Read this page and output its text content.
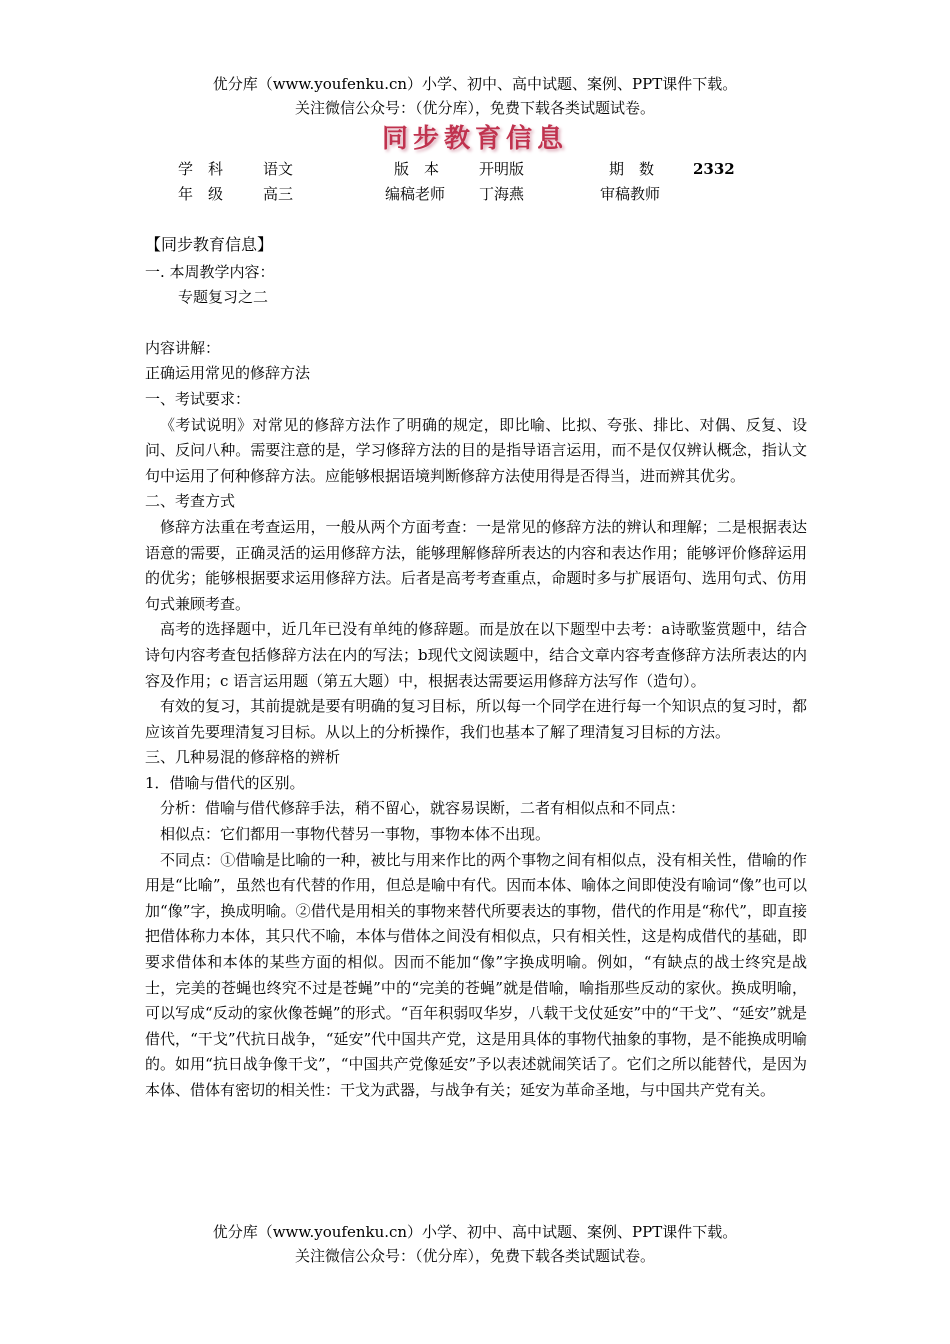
优分库（www.youfenku.cn）小学、初中、高中试题、案例、PPT课件下载。
关注微信公众号：（优分库），免费下载各类试题试卷。
同步教育信息
学　科	语文	版　本	开明版	期　数	2332
年　级	高三	编稿老师 丁海燕	审稿教师

【同步教育信息】

一. 本周教学内容：

专题复习之二

内容讲解：

正确运用常见的修辞方法

一、考试要求：

《考试说明》对常见的修辞方法作了明确的规定，即比喻、比拟、夸张、排比、对偶、反复、设问、反问八种。需要注意的是，学习修辞方法的目的是指导语言运用，而不是仅仅辨认概念，指认文句中运用了何种修辞方法。应能够根据语境判断修辞方法使用得是否得当，进而辨其优劣。

二、考查方式

修辞方法重在考查运用，一般从两个方面考查：一是常见的修辞方法的辨认和理解；二是根据表达语意的需要，正确灵活的运用修辞方法，能够理解修辞所表达的内容和表达作用；能够评价修辞运用的优劣；能够根据要求运用修辞方法。后者是高考考查重点，命题时多与扩展语句、选用句式、仿用句式兼顾考查。

高考的选择题中，近几年已没有单纯的修辞题。而是放在以下题型中去考：a诗歌鉴赏题中，结合诗句内容考查包括修辞方法在内的写法；b现代文阅读题中，结合文章内容考查修辞方法所表达的内容及作用；c 语言运用题（第五大题）中，根据表达需要运用修辞方法写作（造句）。

有效的复习，其前提就是要有明确的复习目标，所以每一个同学在进行每一个知识点的复习时，都应该首先要理清复习目标。从以上的分析操作，我们也基本了解了理清复习目标的方法。

三、几种易混的修辞格的辨析

1．借喻与借代的区别。

分析：借喻与借代修辞手法，稍不留心，就容易误断，二者有相似点和不同点：

相似点：它们都用一事物代替另一事物，事物本体不出现。

不同点：①借喻是比喻的一种，被比与用来作比的两个事物之间有相似点，没有相关性，借喻的作用是“比喻”，虽然也有代替的作用，但总是喻中有代。因而本体、喻体之间即使没有喻词“像”也可以加“像”字，换成明喻。②借代是用相关的事物来替代所要表达的事物，借代的作用是“称代”，即直接把借体称力本体，其只代不喻，本体与借体之间没有相似点，只有相关性，这是构成借代的基础，即要求借体和本体的某些方面的相似。因而不能加“像”字换成明喻。例如，“有缺点的战士终究是战士，完美的苍蝇也终究不过是苍蝇”中的“完美的苍蝇”就是借喻，喻指那些反动的家伙。换成明喻，可以写成“反动的家伙像苍蝇”的形式。“百年积弱叹华岁，八载干戈仗延安”中的“干戈”、“延安”就是借代，“干戈”代抗日战争，“延安”代中国共产党，这是用具体的事物代抽象的事物，是不能换成明喻的。如用“抗日战争像干戈”，“中国共产党像延安”予以表述就闹笑话了。它们之所以能替代，是因为本体、借体有密切的相关性：干戈为武器，与战争有关；延安为革命圣地，与中国共产党有关。

优分库（www.youfenku.cn）小学、初中、高中试题、案例、PPT课件下载。
关注微信公众号：（优分库），免费下载各类试题试卷。
